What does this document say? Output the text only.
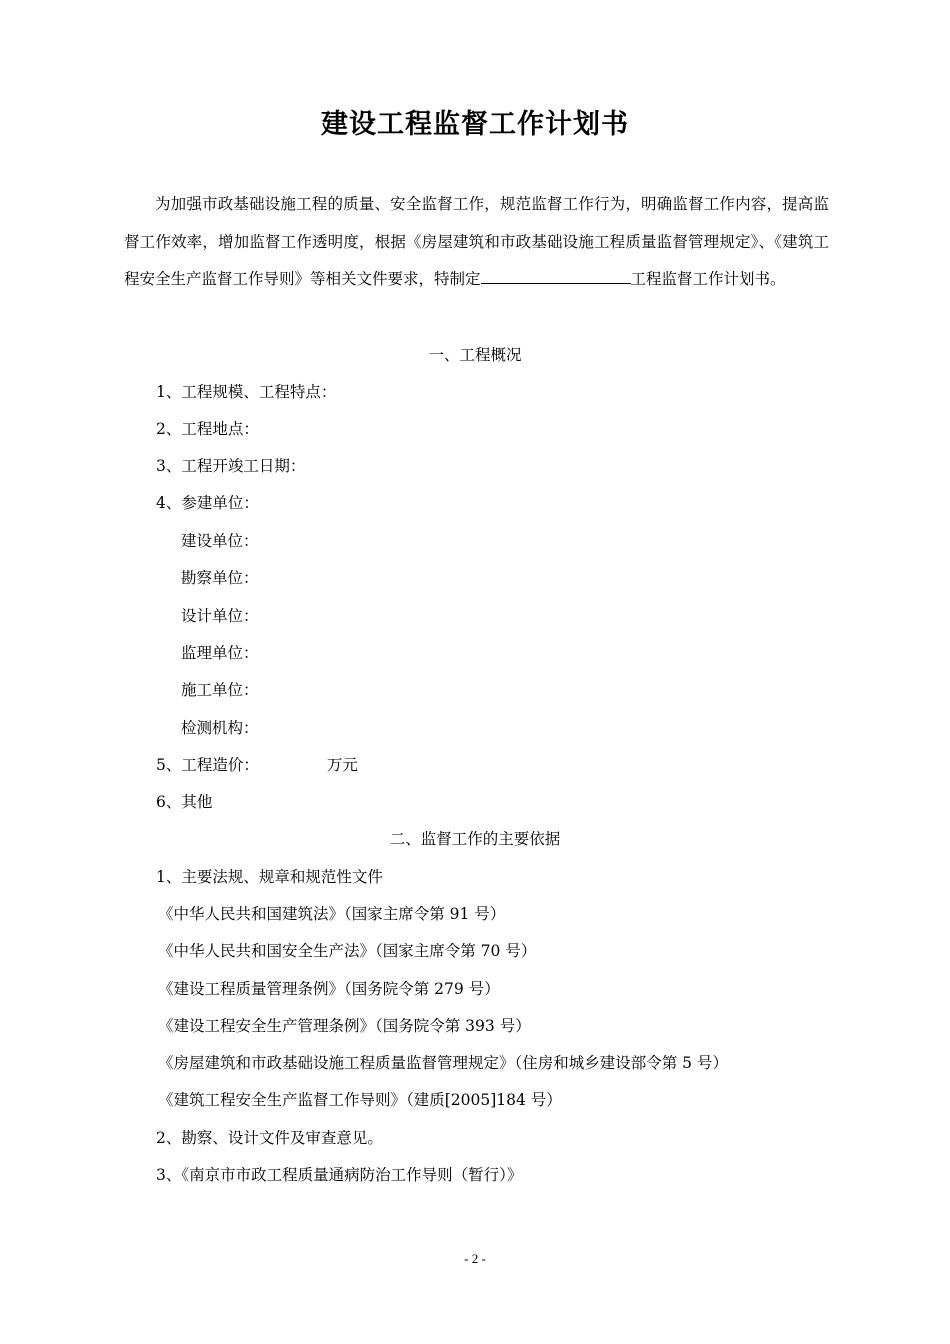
建设工程监督工作计划书

为加强市政基础设施工程的质量、安全监督工作，规范监督工作行为，明确监督工作内容，提高监督工作效率，增加监督工作透明度，根据《房屋建筑和市政基础设施工程质量监督管理规定》、《建筑工程安全生产监督工作导则》等相关文件要求，特制定	工程监督工作计划书。

一、工程概况
1、工程规模、工程特点：
2、工程地点：
3、工程开竣工日期：
4、参建单位：
建设单位：
勘察单位：
设计单位：
监理单位：
施工单位：
检测机构：
5、工程造价：	万元
6、其他
二、监督工作的主要依据
1、主要法规、规章和规范性文件
《中华人民共和国建筑法》（国家主席令第 91 号）
《中华人民共和国安全生产法》（国家主席令第 70 号）
《建设工程质量管理条例》（国务院令第 279 号）
《建设工程安全生产管理条例》（国务院令第 393 号）
《房屋建筑和市政基础设施工程质量监督管理规定》（住房和城乡建设部令第 5 号）
《建筑工程安全生产监督工作导则》（建质[2005]184 号）
2、勘察、设计文件及审查意见。
3、《南京市市政工程质量通病防治工作导则（暂行）》
- 2 -
